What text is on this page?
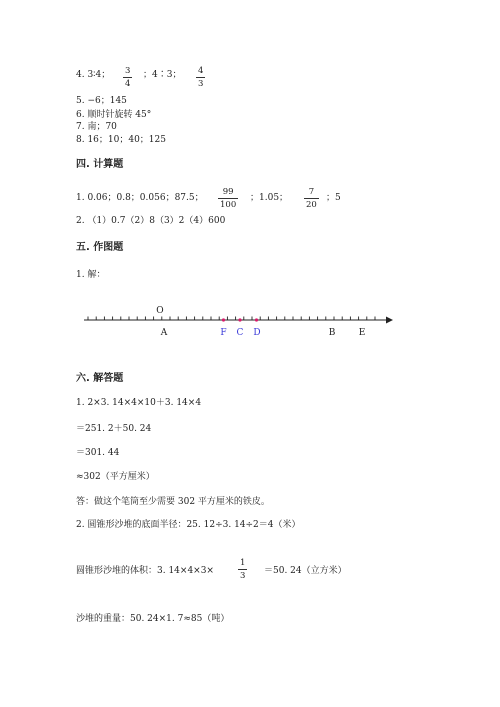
4. 3∶4； 3
4
；4∶3； 4
3
5. −6；145
6. 顺时针旋转 45°
7. 南；70
8. 16；10；40；125
四. 计算题
1. 0.06；0.8；0.056；87.5；
99
100
；1.05；
7
20
；5
2. （1）0.7（2）8（3）2（4）600
五. 作图题
1. 解：
O
A	F C D	B	E
六. 解答题
1. 2×3. 14×4×10＋3. 14×4
＝251. 2＋50. 24
＝301. 44
≈302（平方厘米）
答：做这个笔筒至少需要 302 平方厘米的铁皮。
2. 圆锥形沙堆的底面半径：25. 12÷3. 14÷2＝4（米）
圆锥形沙堆的体积：3. 14×4×3×
1
3 ＝50. 24（立方米）
沙堆的重量：50. 24×1. 7≈85（吨）
